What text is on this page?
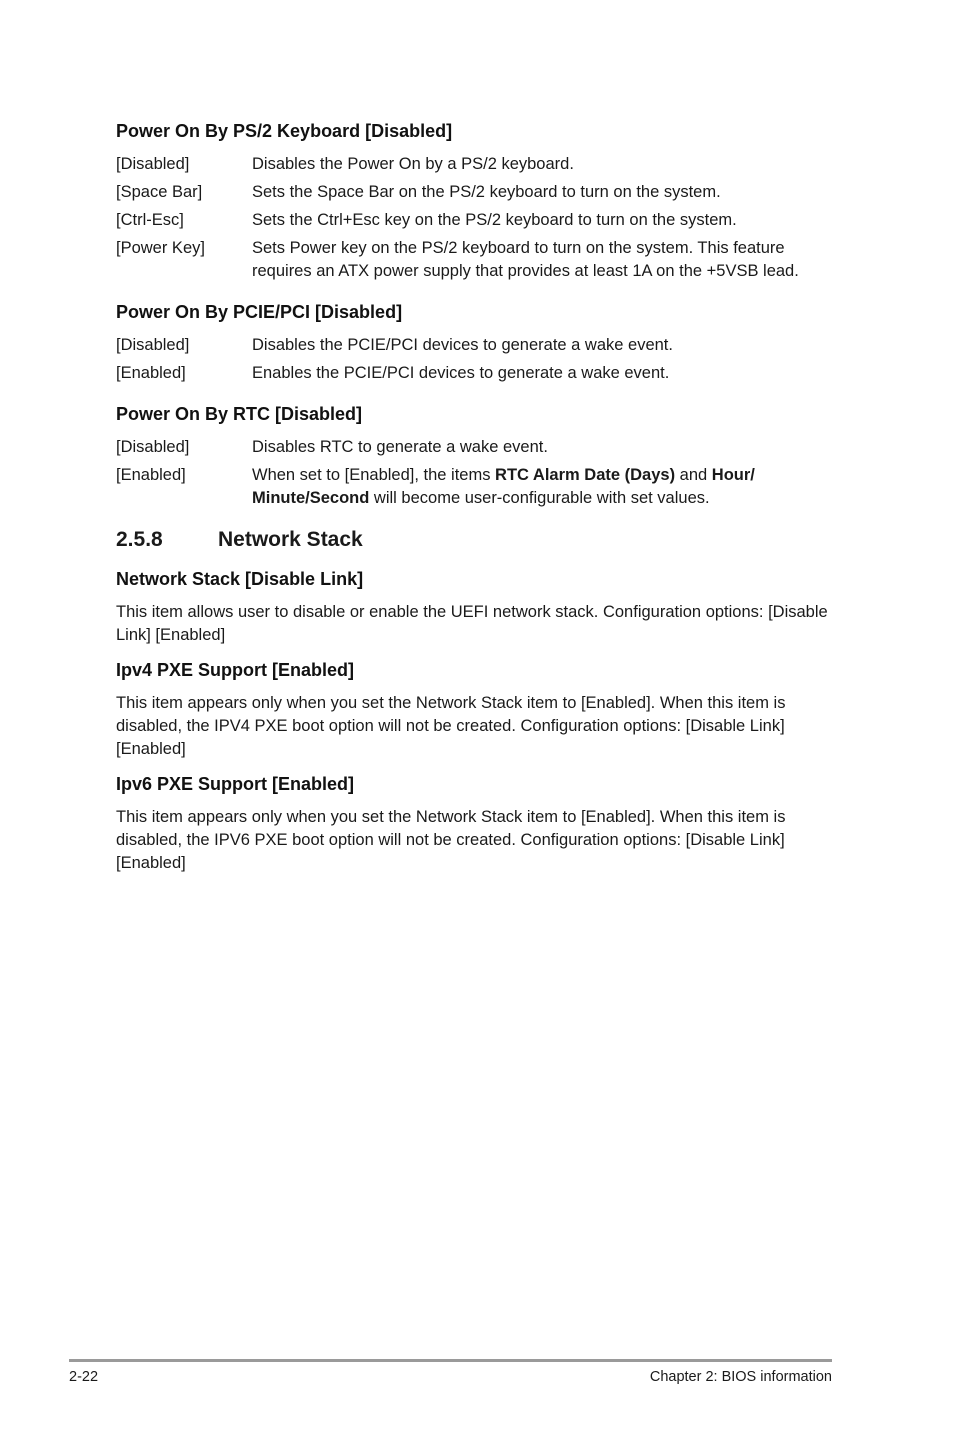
Power On By PS/2 Keyboard [Disabled]
[Disabled]	Disables the Power On by a PS/2 keyboard.
[Space Bar]	Sets the Space Bar on the PS/2 keyboard to turn on the system.
[Ctrl-Esc]	Sets the Ctrl+Esc key on the PS/2 keyboard to turn on the system.
[Power Key]	Sets Power key on the PS/2 keyboard to turn on the system. This feature requires an ATX power supply that provides at least 1A on the +5VSB lead.
Power On By PCIE/PCI [Disabled]
[Disabled]	Disables the PCIE/PCI devices to generate a wake event.
[Enabled]	Enables the PCIE/PCI devices to generate a wake event.
Power On By RTC [Disabled]
[Disabled]	Disables RTC to generate a wake event.
[Enabled]	When set to [Enabled], the items RTC Alarm Date (Days) and Hour/ Minute/Second will become user-configurable with set values.
2.5.8	Network Stack
Network Stack [Disable Link]

This item allows user to disable or enable the UEFI network stack. Configuration options: [Disable Link] [Enabled]

Ipv4 PXE Support [Enabled]

This item appears only when you set the Network Stack item to [Enabled]. When this item is disabled, the IPV4 PXE boot option will not be created. Configuration options: [Disable Link] [Enabled]

Ipv6 PXE Support [Enabled]

This item appears only when you set the Network Stack item to [Enabled]. When this item is disabled, the IPV6 PXE boot option will not be created. Configuration options: [Disable Link] [Enabled]

2-22	Chapter 2: BIOS information
